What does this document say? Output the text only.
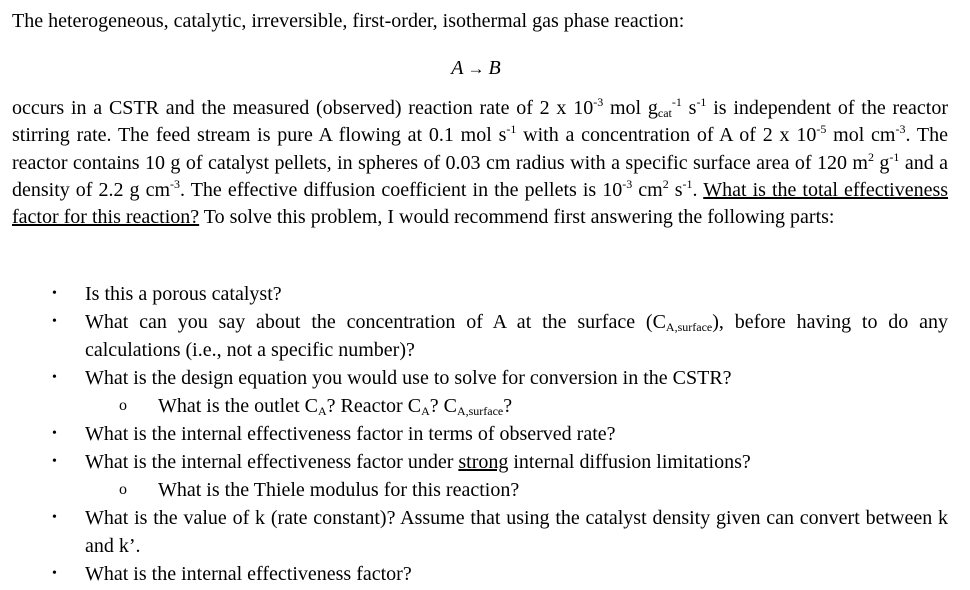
The heterogeneous, catalytic, irreversible, first-order, isothermal gas phase reaction:
A → B
occurs in a CSTR and the measured (observed) reaction rate of 2 x $10^{-3}$ mol $g_{cat}^{-1}$ $s^{-1}$ is independent of the reactor stirring rate. The feed stream is pure A flowing at 0.1 mol $s^{-1}$ with a concentration of A of 2 x $10^{-5}$ mol $cm^{-3}$. The reactor contains 10 g of catalyst pellets, in spheres of 0.03 cm radius with a specific surface area of 120 $m^2$ $g^{-1}$ and a density of 2.2 g $cm^{-3}$. The effective diffusion coefficient in the pellets is $10^{-3}$ $cm^2$ $s^{-1}$. What is the total effectiveness factor for this reaction? To solve this problem, I would recommend first answering the following parts:
• Is this a porous catalyst?
• What can you say about the concentration of A at the surface (CA,surface), before having to do any calculations (i.e., not a specific number)?
• What is the design equation you would use to solve for conversion in the CSTR?
o What is the outlet CA? Reactor CA? CA,surface?
• What is the internal effectiveness factor in terms of observed rate?
• What is the internal effectiveness factor under strong internal diffusion limitations?
o What is the Thiele modulus for this reaction?
• What is the value of k (rate constant)? Assume that using the catalyst density given can convert between k and k’.
• What is the internal effectiveness factor?
